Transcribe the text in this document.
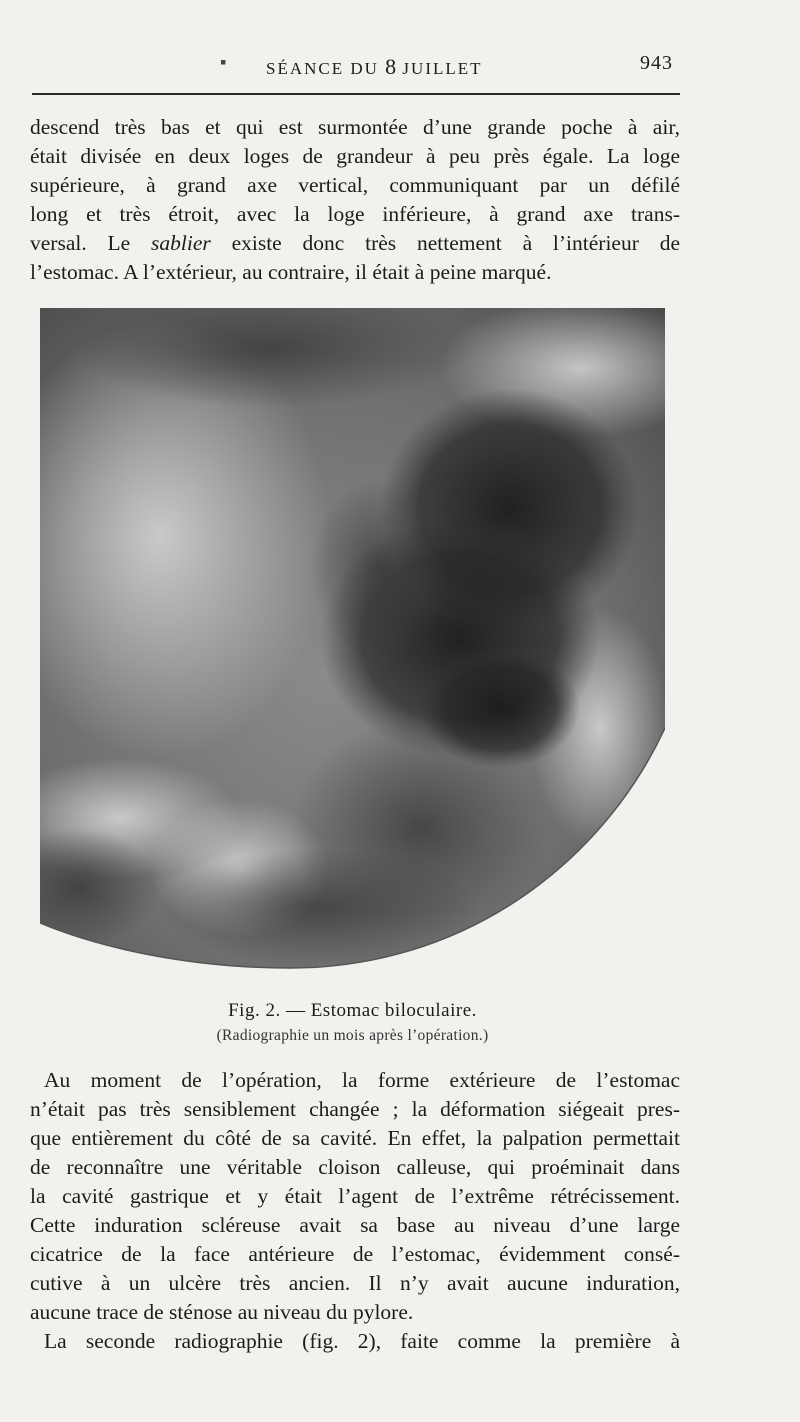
▪ SÉANCE DU 8 JUILLET	943
descend très bas et qui est surmontée d’une grande poche à air,
était divisée en deux loges de grandeur à peu près égale. La loge
supérieure, à grand axe vertical, communiquant par un défilé
long et très étroit, avec la loge inférieure, à grand axe trans-
versal. Le sablier existe donc très nettement à l’intérieur de
l’estomac. A l’extérieur, au contraire, il était à peine marqué.
Fig. 2. — Estomac biloculaire.
(Radiographie un mois après l’opération.)
Au moment de l’opération, la forme extérieure de l’estomac
n’était pas très sensiblement changée ; la déformation siégeait pres-
que entièrement du côté de sa cavité. En effet, la palpation permettait
de reconnaître une véritable cloison calleuse, qui proéminait dans
la cavité gastrique et y était l’agent de l’extrême rétrécissement.
Cette induration scléreuse avait sa base au niveau d’une large
cicatrice de la face antérieure de l’estomac, évidemment consé-
cutive à un ulcère très ancien. Il n’y avait aucune induration,
aucune trace de sténose au niveau du pylore.
La seconde radiographie (fig. 2), faite comme la première à
